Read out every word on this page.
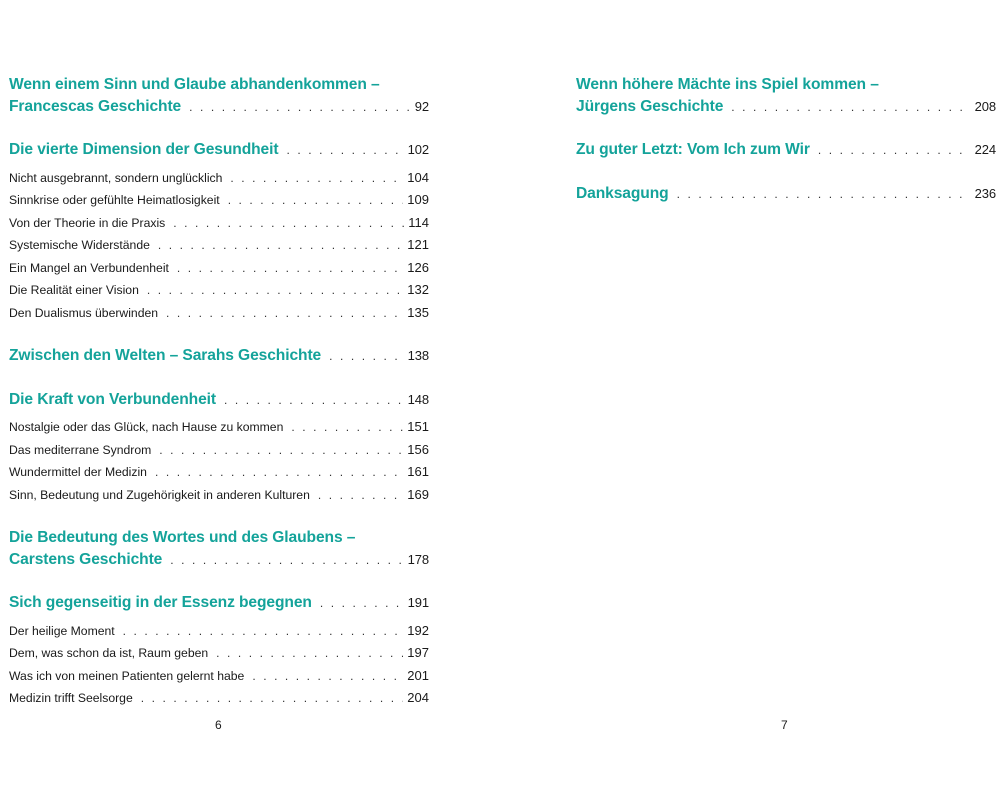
Wenn einem Sinn und Glaube abhandenkommen –
Francescas Geschichte . . .	92
Die vierte Dimension der Gesundheit . . .	102
Nicht ausgebrannt, sondern unglücklich . . .	104
Sinnkrise oder gefühlte Heimatlosigkeit . . .	109
Von der Theorie in die Praxis . . .	114
Systemische Widerstände . . .	121
Ein Mangel an Verbundenheit . . .	126
Die Realität einer Vision . . .	132
Den Dualismus überwinden . . .	135
Zwischen den Welten – Sarahs Geschichte . . .	138
Die Kraft von Verbundenheit . . .	148
Nostalgie oder das Glück, nach Hause zu kommen . . .	151
Das mediterrane Syndrom . . .	156
Wundermittel der Medizin . . .	161
Sinn, Bedeutung und Zugehörigkeit in anderen Kulturen . . .	169
Die Bedeutung des Wortes und des Glaubens –
Carstens Geschichte . . .	178
Sich gegenseitig in der Essenz begegnen . . .	191
Der heilige Moment . . .	192
Dem, was schon da ist, Raum geben . . .	197
Was ich von meinen Patienten gelernt habe . . .	201
Medizin trifft Seelsorge . . .	204
6
Wenn höhere Mächte ins Spiel kommen –
Jürgens Geschichte . . .	208
Zu guter Letzt: Vom Ich zum Wir . . .	224
Danksagung . . .	236
7
